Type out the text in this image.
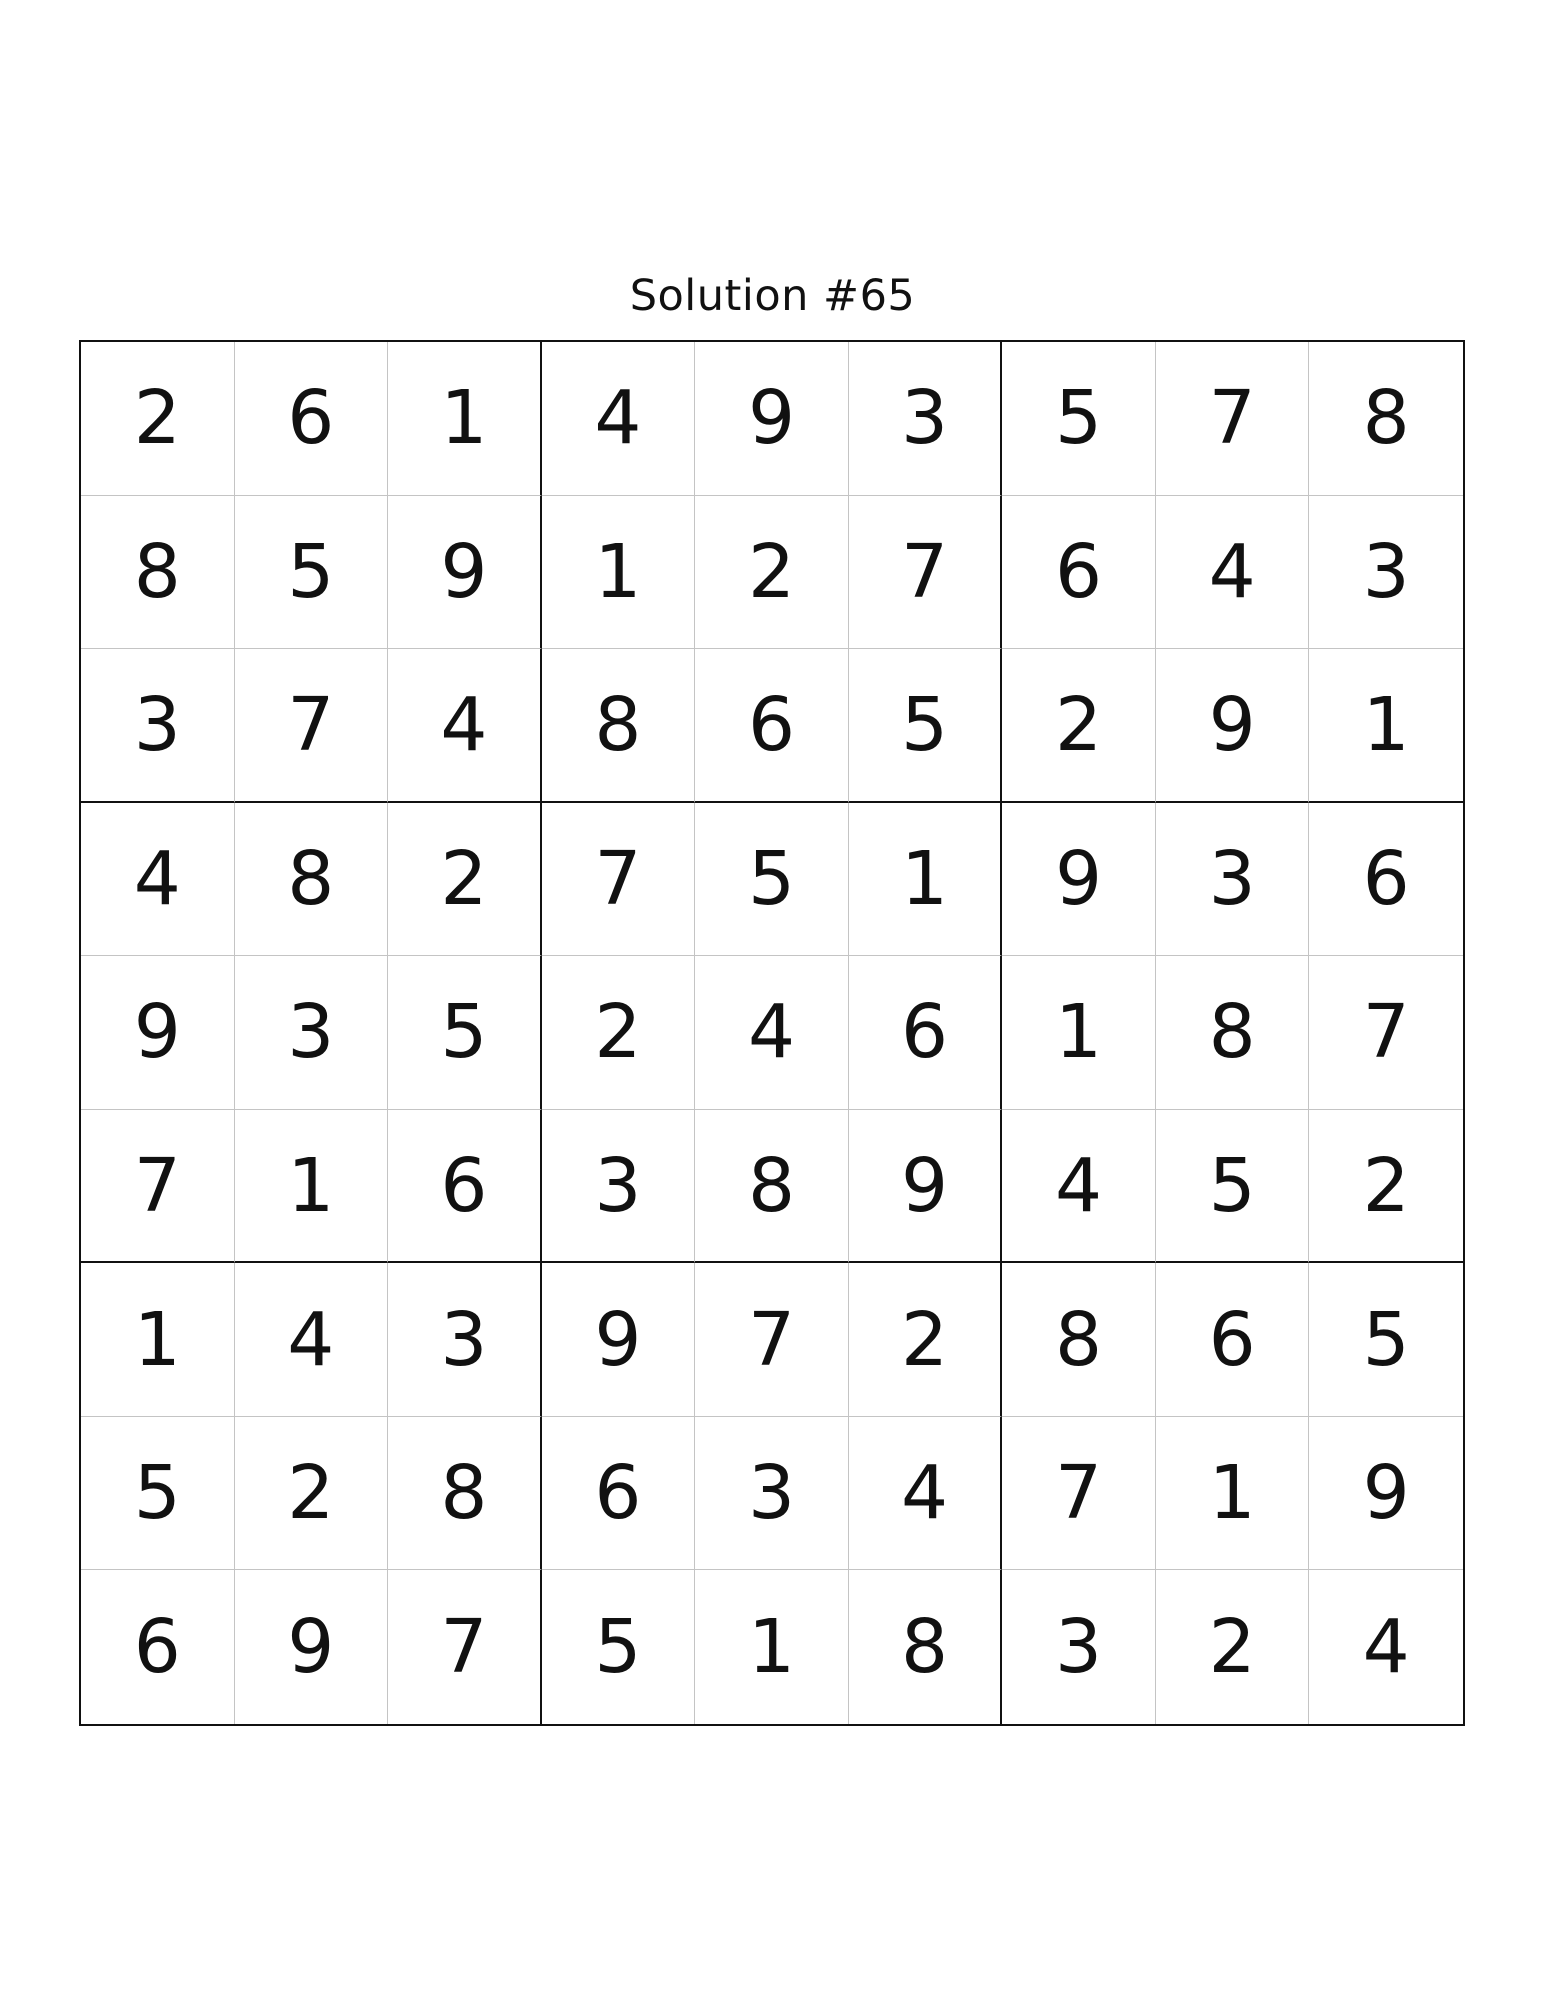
Solution #65
2	6	1	4	9	3	5	7	8
8	5	9	1	2	7	6	4	3
3	7	4	8	6	5	2	9	1
4	8	2	7	5	1	9	3	6
9	3	5	2	4	6	1	8	7
7	1	6	3	8	9	4	5	2
1	4	3	9	7	2	8	6	5
5	2	8	6	3	4	7	1	9
6	9	7	5	1	8	3	2	4
